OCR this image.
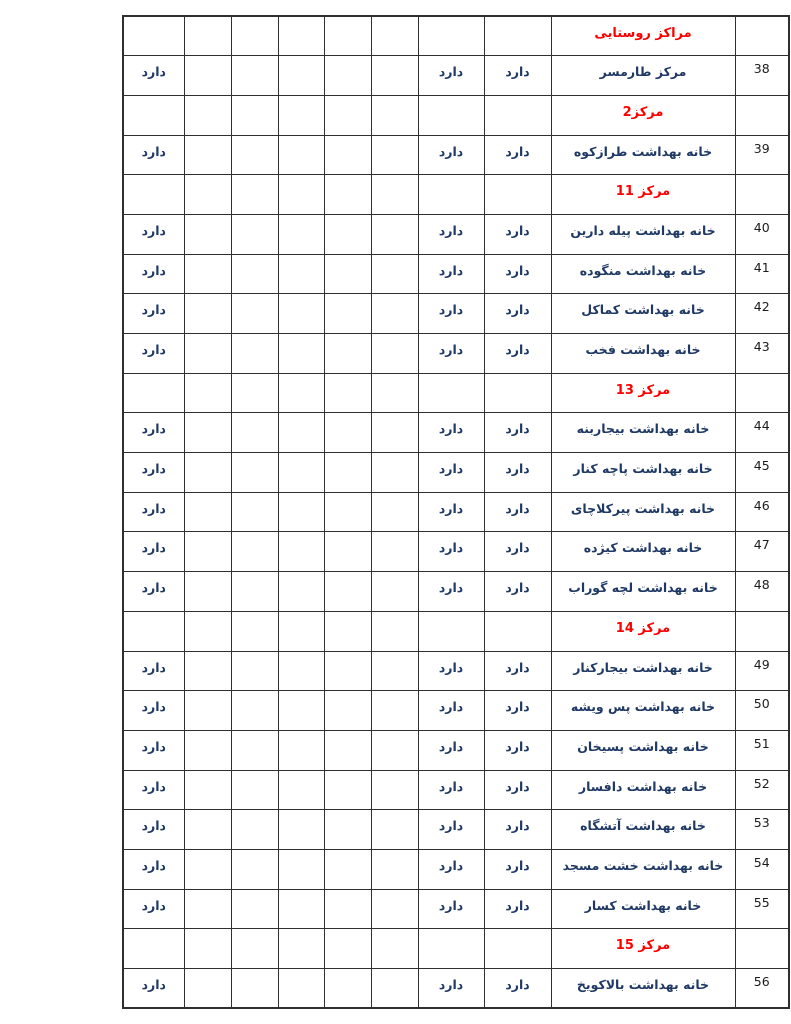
	مراکز روستایی								
38	مرکز طارمسر	دارد	دارد						دارد
	مرکز2								
39	خانه بهداشت طرازکوه	دارد	دارد						دارد
	مرکز 11								
40	خانه بهداشت پیله دارین	دارد	دارد						دارد
41	خانه بهداشت منگوده	دارد	دارد						دارد
42	خانه بهداشت کماکل	دارد	دارد						دارد
43	خانه بهداشت فخب	دارد	دارد						دارد
	مرکز 13								
44	خانه بهداشت بیجاربنه	دارد	دارد						دارد
45	خانه بهداشت پاچه کنار	دارد	دارد						دارد
46	خانه بهداشت پیرکلاچای	دارد	دارد						دارد
47	خانه بهداشت کیژده	دارد	دارد						دارد
48	خانه بهداشت لچه گوراب	دارد	دارد						دارد
	مرکز 14								
49	خانه بهداشت بیجارکنار	دارد	دارد						دارد
50	خانه بهداشت پس ویشه	دارد	دارد						دارد
51	خانه بهداشت پسیخان	دارد	دارد						دارد
52	خانه بهداشت دافسار	دارد	دارد						دارد
53	خانه بهداشت آتشگاه	دارد	دارد						دارد
54	خانه بهداشت خشت مسجد	دارد	دارد						دارد
55	خانه بهداشت کسار	دارد	دارد						دارد
	مرکز 15								
56	خانه بهداشت بالاکویخ	دارد	دارد						دارد
